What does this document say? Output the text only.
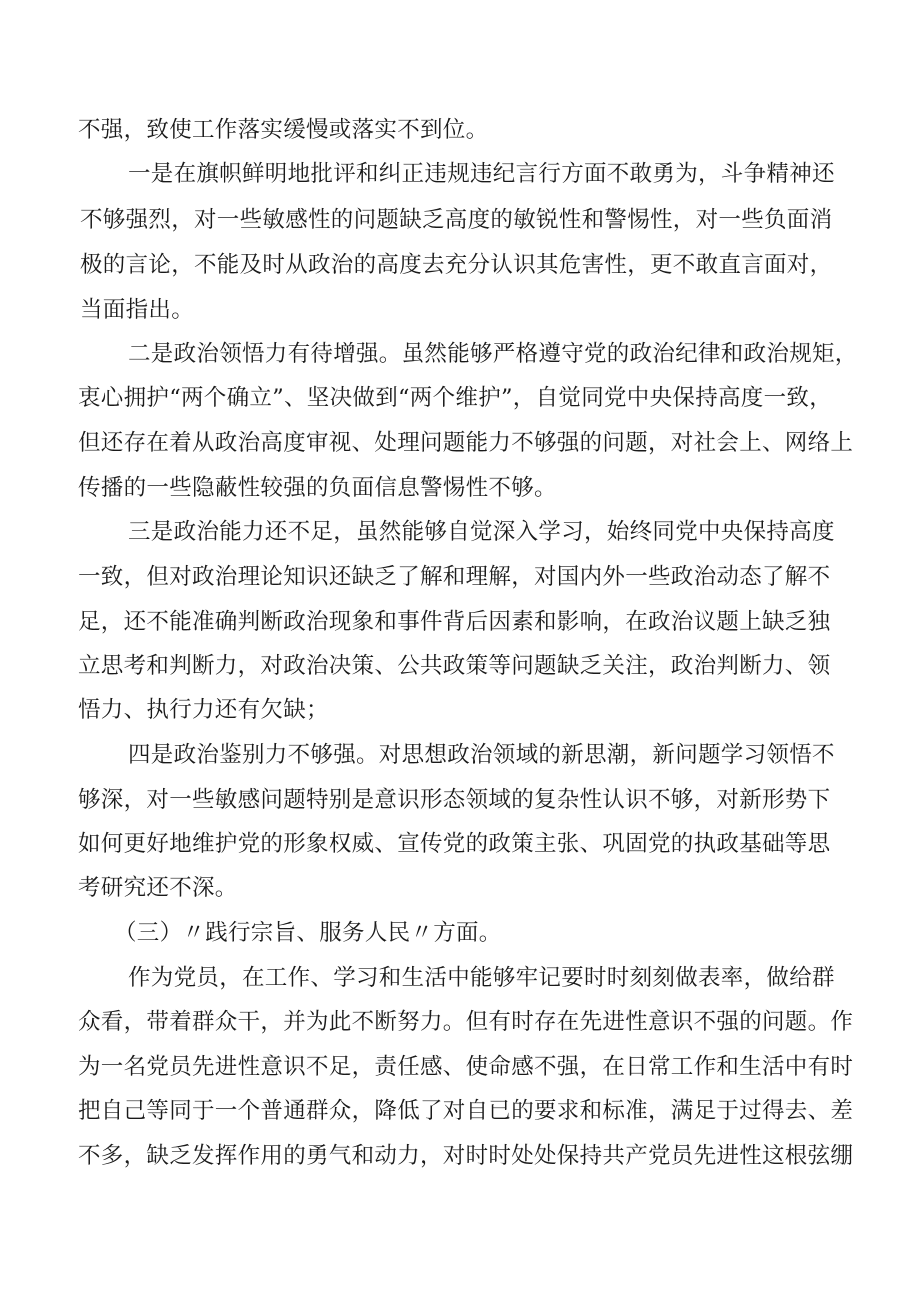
不强，致使工作落实缓慢或落实不到位。
一是在旗帜鲜明地批评和纠正违规违纪言行方面不敢勇为，斗争精神还
不够强烈，对一些敏感性的问题缺乏高度的敏锐性和警惕性，对一些负面消
极的言论，不能及时从政治的高度去充分认识其危害性，更不敢直言面对，
当面指出。
二是政治领悟力有待增强。虽然能够严格遵守党的政治纪律和政治规矩，
衷心拥护“两个确立”、坚决做到“两个维护”，自觉同党中央保持高度一致，
但还存在着从政治高度审视、处理问题能力不够强的问题，对社会上、网络上
传播的一些隐蔽性较强的负面信息警惕性不够。
三是政治能力还不足，虽然能够自觉深入学习，始终同党中央保持高度
一致，但对政治理论知识还缺乏了解和理解，对国内外一些政治动态了解不
足，还不能准确判断政治现象和事件背后因素和影响，在政治议题上缺乏独
立思考和判断力，对政治决策、公共政策等问题缺乏关注，政治判断力、领
悟力、执行力还有欠缺；
四是政治鉴别力不够强。对思想政治领域的新思潮，新问题学习领悟不
够深，对一些敏感问题特别是意识形态领域的复杂性认识不够，对新形势下
如何更好地维护党的形象权威、宣传党的政策主张、巩固党的执政基础等思
考研究还不深。
（三）〃践行宗旨、服务人民〃方面。
作为党员，在工作、学习和生活中能够牢记要时时刻刻做表率，做给群
众看，带着群众干，并为此不断努力。但有时存在先进性意识不强的问题。作
为一名党员先进性意识不足，责任感、使命感不强，在日常工作和生活中有时
把自己等同于一个普通群众，降低了对自已的要求和标准，满足于过得去、差
不多，缺乏发挥作用的勇气和动力，对时时处处保持共产党员先进性这根弦绷
